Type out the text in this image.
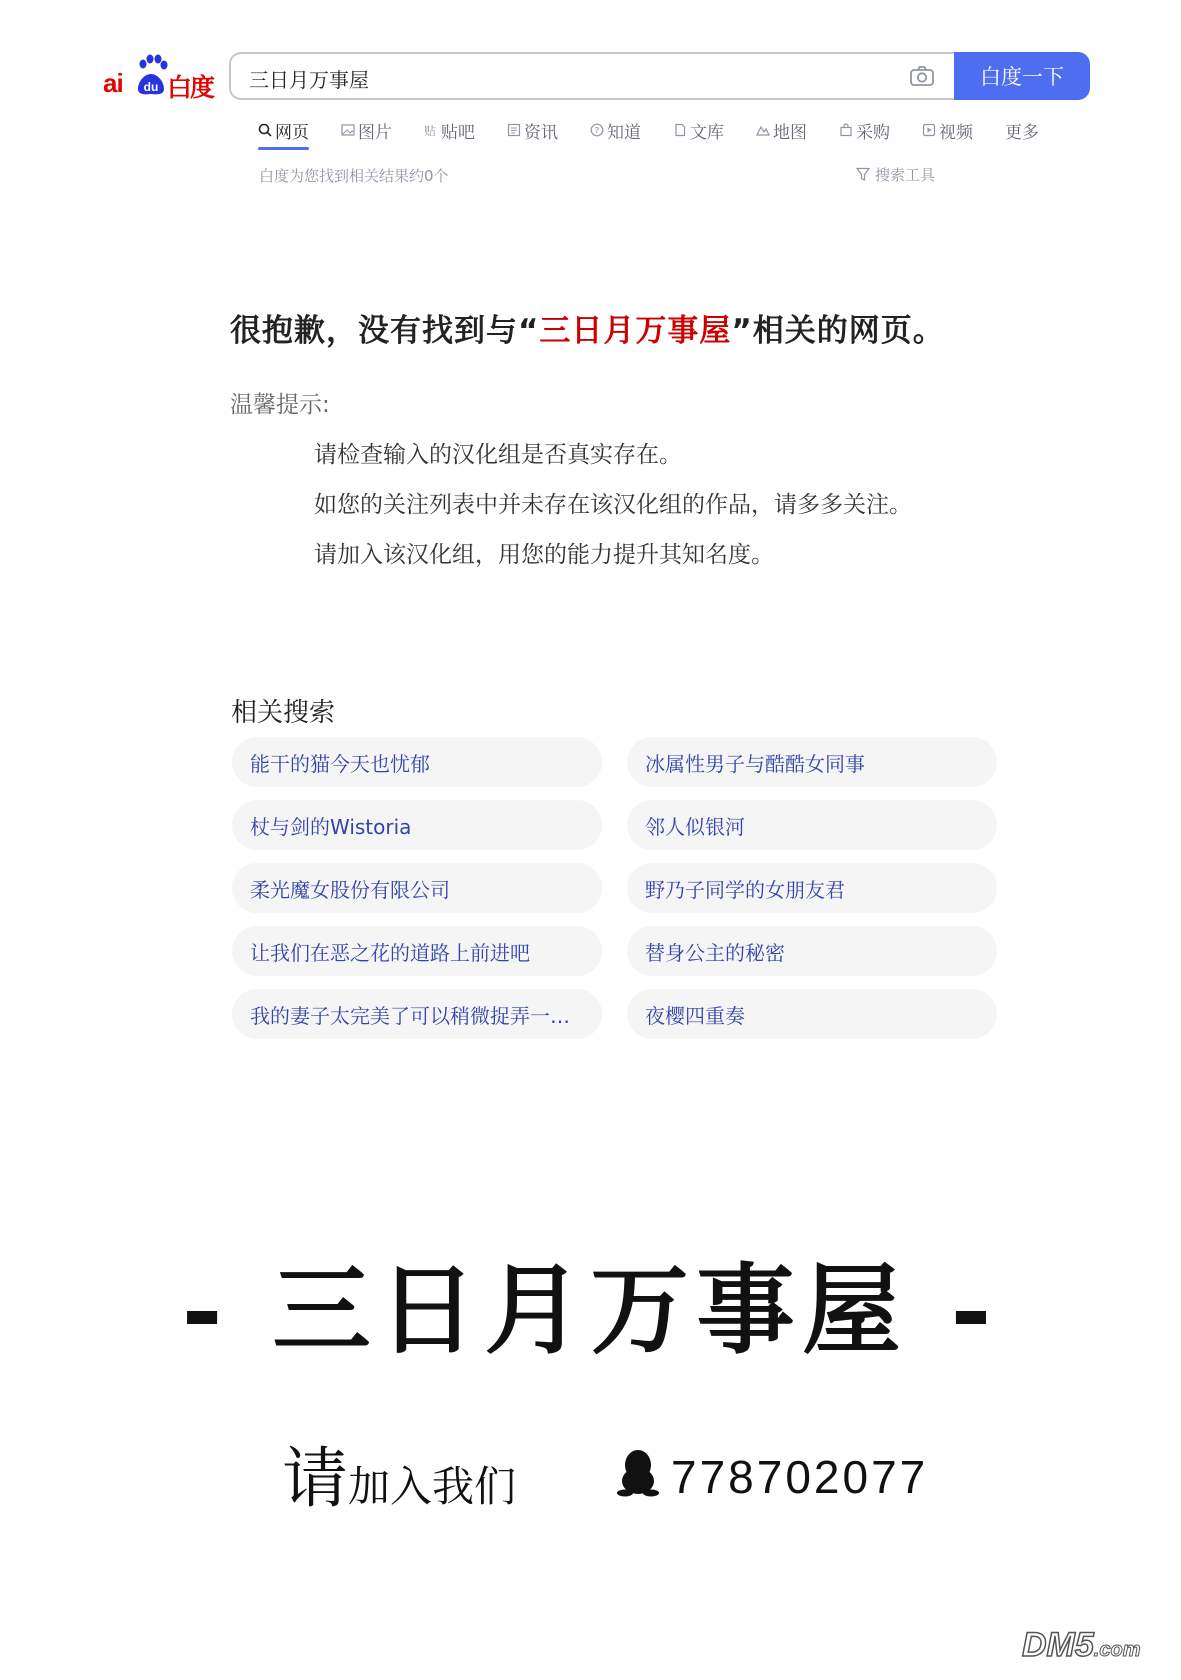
ai du 白度
三日月万事屋	白度一下
网页	图片	贴 贴吧	资讯	? 知道	文库	地图	采购	视频 更多
白度为您找到相关结果约0个	搜索工具
很抱歉，没有找到与“三日月万事屋”相关的网页。
温馨提示:
请检查输入的汉化组是否真实存在。
如您的关注列表中并未存在该汉化组的作品，请多多关注。
请加入该汉化组，用您的能力提升其知名度。
相关搜索
能干的猫今天也忧郁	冰属性男子与酷酷女同事
杖与剑的Wistoria	邻人似银河
柔光魔女股份有限公司	野乃子同学的女朋友君
让我们在恶之花的道路上前进吧	替身公主的秘密
我的妻子太完美了可以稍微捉弄一…	夜樱四重奏
- 三日月万事屋 -
请加入我们	778702077
DM5.com
